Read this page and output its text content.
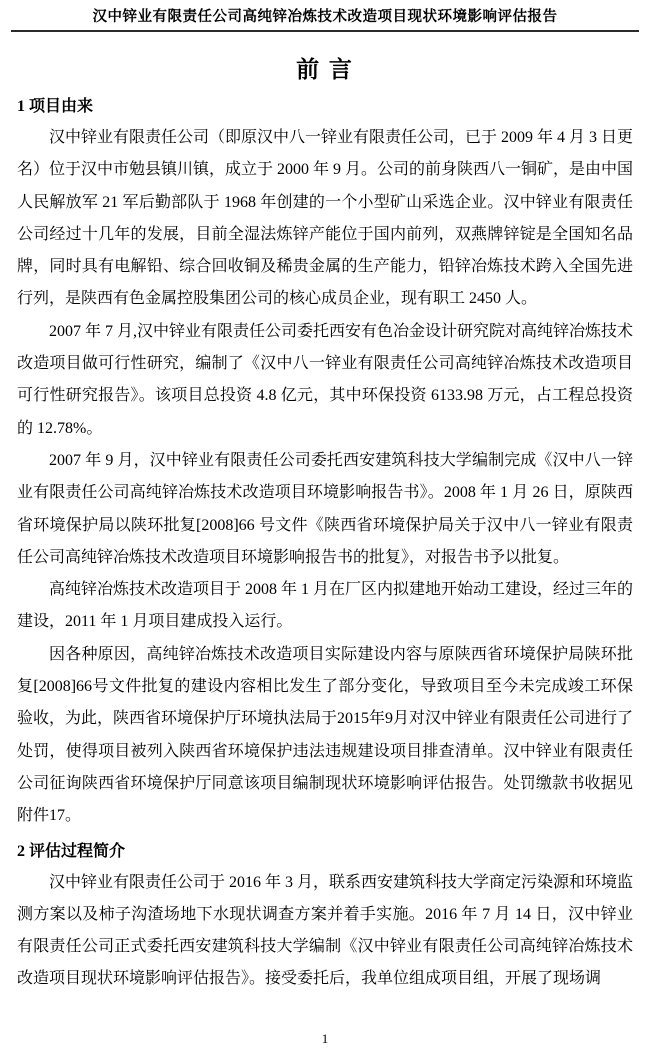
汉中锌业有限责任公司高纯锌冶炼技术改造项目现状环境影响评估报告
前 言
1 项目由来

汉中锌业有限责任公司（即原汉中八一锌业有限责任公司，已于 2009 年 4 月 3 日更名）位于汉中市勉县镇川镇，成立于 2000 年 9 月。公司的前身陕西八一铜矿，是由中国人民解放军 21 军后勤部队于 1968 年创建的一个小型矿山采选企业。汉中锌业有限责任公司经过十几年的发展，目前全湿法炼锌产能位于国内前列，双燕牌锌锭是全国知名品牌，同时具有电解铅、综合回收铜及稀贵金属的生产能力，铅锌冶炼技术跨入全国先进行列，是陕西有色金属控股集团公司的核心成员企业，现有职工 2450 人。

2007 年 7 月,汉中锌业有限责任公司委托西安有色冶金设计研究院对高纯锌冶炼技术改造项目做可行性研究，编制了《汉中八一锌业有限责任公司高纯锌冶炼技术改造项目可行性研究报告》。该项目总投资 4.8 亿元，其中环保投资 6133.98 万元，占工程总投资的 12.78%。

2007 年 9 月，汉中锌业有限责任公司委托西安建筑科技大学编制完成《汉中八一锌业有限责任公司高纯锌冶炼技术改造项目环境影响报告书》。2008 年 1 月 26 日，原陕西省环境保护局以陕环批复[2008]66 号文件《陕西省环境保护局关于汉中八一锌业有限责任公司高纯锌冶炼技术改造项目环境影响报告书的批复》，对报告书予以批复。

高纯锌冶炼技术改造项目于 2008 年 1 月在厂区内拟建地开始动工建设，经过三年的建设，2011 年 1 月项目建成投入运行。

因各种原因，高纯锌冶炼技术改造项目实际建设内容与原陕西省环境保护局陕环批复[2008]66号文件批复的建设内容相比发生了部分变化，导致项目至今未完成竣工环保验收，为此，陕西省环境保护厅环境执法局于2015年9月对汉中锌业有限责任公司进行了处罚，使得项目被列入陕西省环境保护违法违规建设项目排查清单。汉中锌业有限责任公司征询陕西省环境保护厅同意该项目编制现状环境影响评估报告。处罚缴款书收据见附件17。

2 评估过程简介

汉中锌业有限责任公司于 2016 年 3 月，联系西安建筑科技大学商定污染源和环境监测方案以及柿子沟渣场地下水现状调查方案并着手实施。2016 年 7 月 14 日，汉中锌业有限责任公司正式委托西安建筑科技大学编制《汉中锌业有限责任公司高纯锌冶炼技术改造项目现状环境影响评估报告》。接受委托后，我单位组成项目组，开展了现场调

1
